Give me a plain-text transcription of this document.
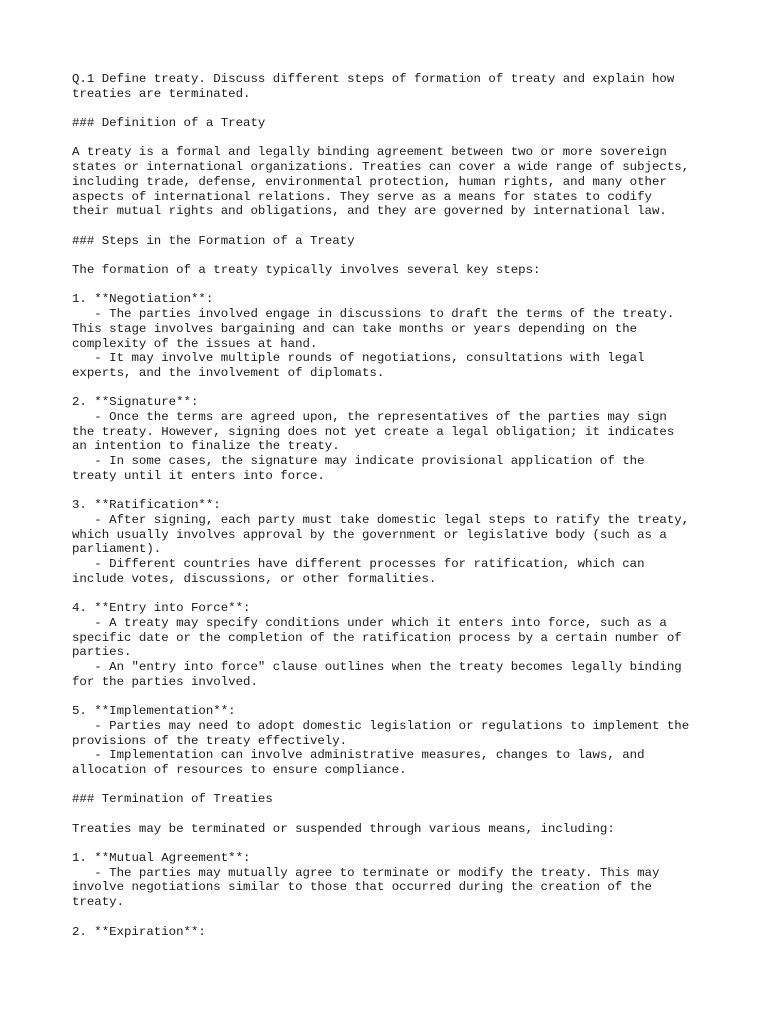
Q.1 Define treaty. Discuss different steps of formation of treaty and explain how
treaties are terminated.

### Definition of a Treaty

A treaty is a formal and legally binding agreement between two or more sovereign
states or international organizations. Treaties can cover a wide range of subjects,
including trade, defense, environmental protection, human rights, and many other
aspects of international relations. They serve as a means for states to codify
their mutual rights and obligations, and they are governed by international law.

### Steps in the Formation of a Treaty

The formation of a treaty typically involves several key steps:

1. **Negotiation**:
- The parties involved engage in discussions to draft the terms of the treaty.
This stage involves bargaining and can take months or years depending on the
complexity of the issues at hand.
- It may involve multiple rounds of negotiations, consultations with legal
experts, and the involvement of diplomats.

2. **Signature**:
- Once the terms are agreed upon, the representatives of the parties may sign
the treaty. However, signing does not yet create a legal obligation; it indicates
an intention to finalize the treaty.
- In some cases, the signature may indicate provisional application of the
treaty until it enters into force.

3. **Ratification**:
- After signing, each party must take domestic legal steps to ratify the treaty,
which usually involves approval by the government or legislative body (such as a
parliament).
- Different countries have different processes for ratification, which can
include votes, discussions, or other formalities.

4. **Entry into Force**:
- A treaty may specify conditions under which it enters into force, such as a
specific date or the completion of the ratification process by a certain number of
parties.
- An "entry into force" clause outlines when the treaty becomes legally binding
for the parties involved.

5. **Implementation**:
- Parties may need to adopt domestic legislation or regulations to implement the
provisions of the treaty effectively.
- Implementation can involve administrative measures, changes to laws, and
allocation of resources to ensure compliance.

### Termination of Treaties

Treaties may be terminated or suspended through various means, including:

1. **Mutual Agreement**:
- The parties may mutually agree to terminate or modify the treaty. This may
involve negotiations similar to those that occurred during the creation of the
treaty.

2. **Expiration**:
